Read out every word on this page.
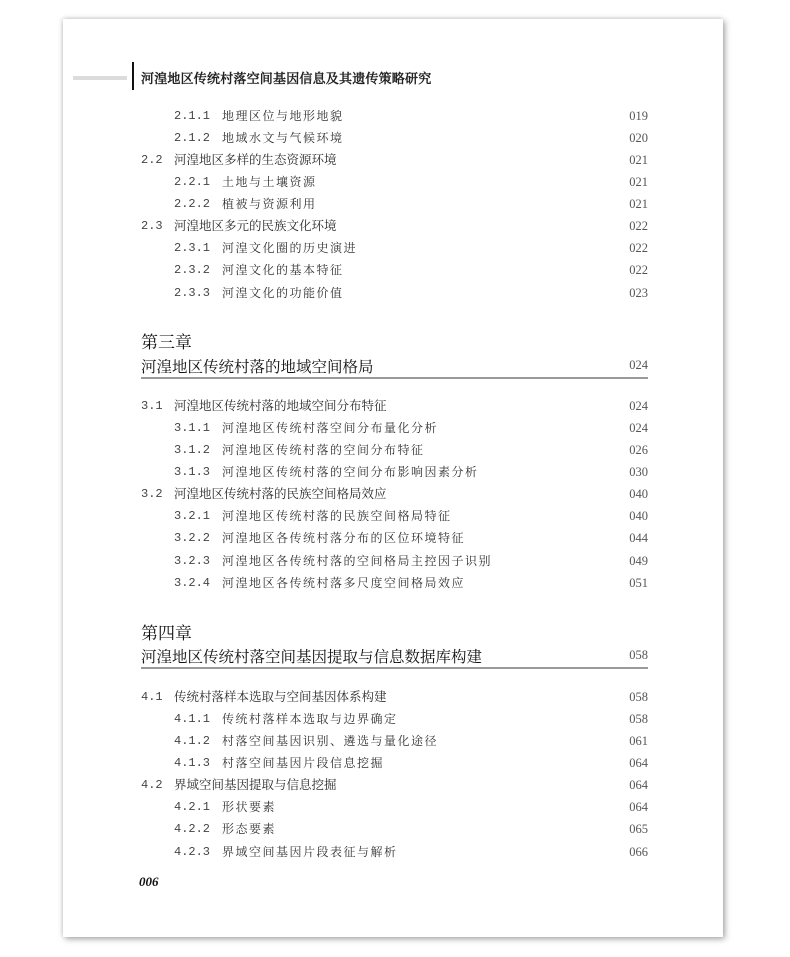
河湟地区传统村落空间基因信息及其遗传策略研究
2.1.1 地理区位与地形地貌	019
2.1.2 地域水文与气候环境	020
2.2 河湟地区多样的生态资源环境	021
2.2.1 土地与土壤资源	021
2.2.2 植被与资源利用	021
2.3 河湟地区多元的民族文化环境	022
2.3.1 河湟文化圈的历史演进	022
2.3.2 河湟文化的基本特征	022
2.3.3 河湟文化的功能价值	023
第三章
河湟地区传统村落的地域空间格局	024
3.1 河湟地区传统村落的地域空间分布特征	024
3.1.1 河湟地区传统村落空间分布量化分析	024
3.1.2 河湟地区传统村落的空间分布特征	026
3.1.3 河湟地区传统村落的空间分布影响因素分析	030
3.2 河湟地区传统村落的民族空间格局效应	040
3.2.1 河湟地区传统村落的民族空间格局特征	040
3.2.2 河湟地区各传统村落分布的区位环境特征	044
3.2.3 河湟地区各传统村落的空间格局主控因子识别	049
3.2.4 河湟地区各传统村落多尺度空间格局效应	051
第四章
河湟地区传统村落空间基因提取与信息数据库构建	058
4.1 传统村落样本选取与空间基因体系构建	058
4.1.1 传统村落样本选取与边界确定	058
4.1.2 村落空间基因识别、遴选与量化途径	061
4.1.3 村落空间基因片段信息挖掘	064
4.2 界域空间基因提取与信息挖掘	064
4.2.1 形状要素	064
4.2.2 形态要素	065
4.2.3 界域空间基因片段表征与解析	066
006
